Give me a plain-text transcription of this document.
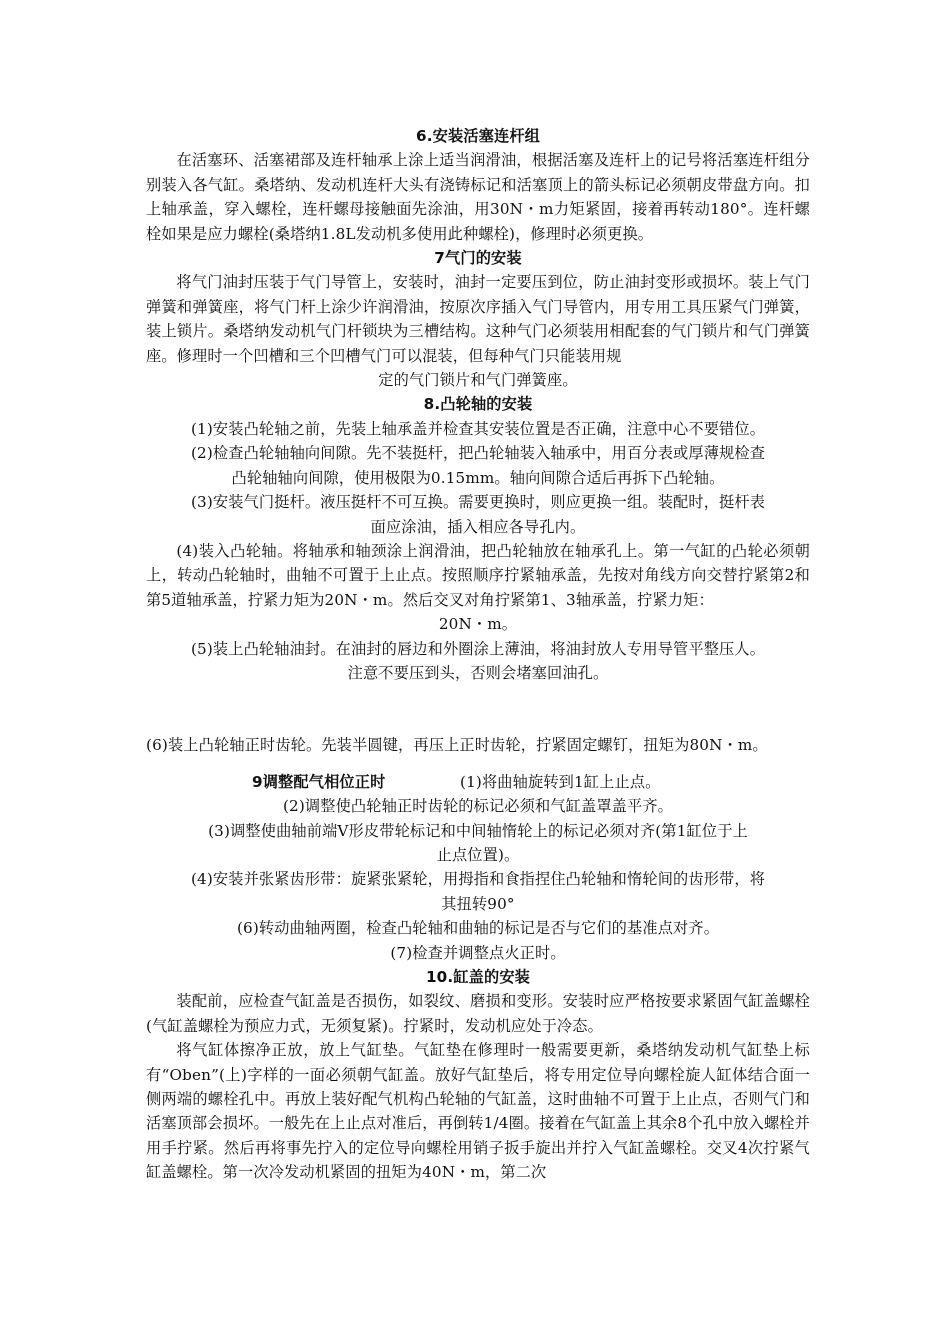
6.安装活塞连杆组

在活塞环、活塞裙部及连杆轴承上涂上适当润滑油，根据活塞及连杆上的记号将活塞连杆组分别装入各气缸。桑塔纳、发动机连杆大头有浇铸标记和活塞顶上的箭头标记必须朝皮带盘方向。扣上轴承盖，穿入螺栓，连杆螺母接触面先涂油，用30N・m力矩紧固，接着再转动180°。连杆螺栓如果是应力螺栓(桑塔纳1.8L发动机多使用此种螺栓)，修理时必须更换。

7气门的安装

将气门油封压装于气门导管上，安装时，油封一定要压到位，防止油封变形或损坏。装上气门弹簧和弹簧座，将气门杆上涂少许润滑油，按原次序插入气门导管内，用专用工具压紧气门弹簧，装上锁片。桑塔纳发动机气门杆锁块为三槽结构。这种气门必须装用相配套的气门锁片和气门弹簧座。修理时一个凹槽和三个凹槽气门可以混装，但每种气门只能装用规

定的气门锁片和气门弹簧座。

8.凸轮轴的安装

(1)安装凸轮轴之前，先装上轴承盖并检查其安装位置是否正确，注意中心不要错位。

(2)检查凸轮轴轴向间隙。先不装挺杆，把凸轮轴装入轴承中，用百分表或厚薄规检查

凸轮轴轴向间隙，使用极限为0.15mm。轴向间隙合适后再拆下凸轮轴。

(3)安装气门挺杆。液压挺杆不可互换。需要更换时，则应更换一组。装配时，挺杆表

面应涂油，插入相应各导孔内。

(4)装入凸轮轴。将轴承和轴颈涂上润滑油，把凸轮轴放在轴承孔上。第一气缸的凸轮必须朝上，转动凸轮轴时，曲轴不可置于上止点。按照顺序拧紧轴承盖，先按对角线方向交替拧紧第2和第5道轴承盖，拧紧力矩为20N・m。然后交叉对角拧紧第1、3轴承盖，拧紧力矩：

20N・m。

(5)装上凸轮轴油封。在油封的唇边和外圈涂上薄油，将油封放人专用导管平整压人。

注意不要压到头，否则会堵塞回油孔。

(6)装上凸轮轴正时齿轮。先装半圆键，再压上正时齿轮，拧紧固定螺钉，扭矩为80N・m。

9调整配气相位正时	(1)将曲轴旋转到1缸上止点。

(2)调整使凸轮轴正时齿轮的标记必须和气缸盖罩盖平齐。

(3)调整使曲轴前端V形皮带轮标记和中间轴惰轮上的标记必须对齐(第1缸位于上

止点位置)。

(4)安装并张紧齿形带：旋紧张紧轮，用拇指和食指捏住凸轮轴和惰轮间的齿形带，将

其扭转90°

(6)转动曲轴两圈，检查凸轮轴和曲轴的标记是否与它们的基准点对齐。

(7)检查并调整点火正时。

10.缸盖的安装

装配前，应检查气缸盖是否损伤，如裂纹、磨损和变形。安装时应严格按要求紧固气缸盖螺栓(气缸盖螺栓为预应力式，无须复紧)。拧紧时，发动机应处于冷态。

将气缸体擦净正放，放上气缸垫。气缸垫在修理时一般需要更新，桑塔纳发动机气缸垫上标有“Oben”(上)字样的一面必须朝气缸盖。放好气缸垫后，将专用定位导向螺栓旋人缸体结合面一侧两端的螺栓孔中。再放上装好配气机构凸轮轴的气缸盖，这时曲轴不可置于上止点，否则气门和活塞顶部会损坏。一般先在上止点对准后，再倒转1/4圈。接着在气缸盖上其余8个孔中放入螺栓并用手拧紧。然后再将事先拧入的定位导向螺栓用销子扳手旋出并拧入气缸盖螺栓。交叉4次拧紧气缸盖螺栓。第一次冷发动机紧固的扭矩为40N・m，第二次
